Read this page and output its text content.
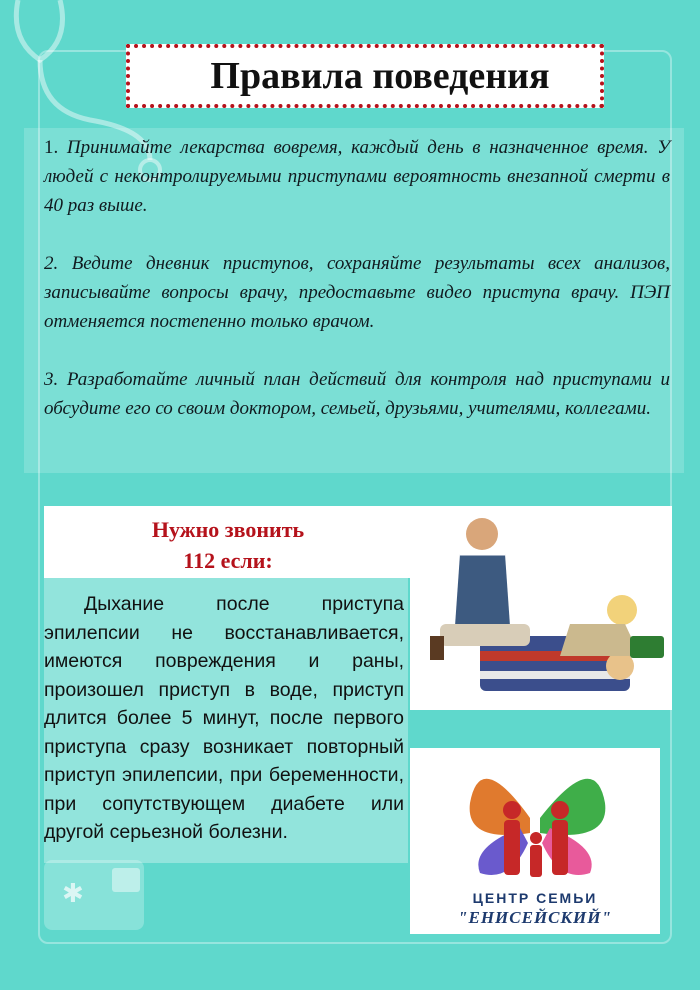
✱
Правила поведения

1. Принимайте лекарства вовремя, каждый день в назначенное время. У людей с неконтролируемыми приступами вероятность внезапной смерти в 40 раз выше.

2. Ведите дневник приступов, сохраняйте результаты всех анализов, записывайте вопросы врачу, предоставьте видео приступа врачу. ПЭП отменяется постепенно только врачом.

3. Разработайте личный план действий для контроля над приступами и обсудите его со своим доктором, семьей, друзьями, учителями, коллегами.

Нужно звонить
112 если:
Дыхание после приступа эпилепсии не восстанавливается, имеются повреждения и раны, произошел приступ в воде, приступ длится более 5 минут, после первого приступа сразу возникает повторный приступ эпилепсии, при беременности, при сопутствующем диабете или другой серьезной болезни.
ЦЕНТР СЕМЬИ
"ЕНИСЕЙСКИЙ"
